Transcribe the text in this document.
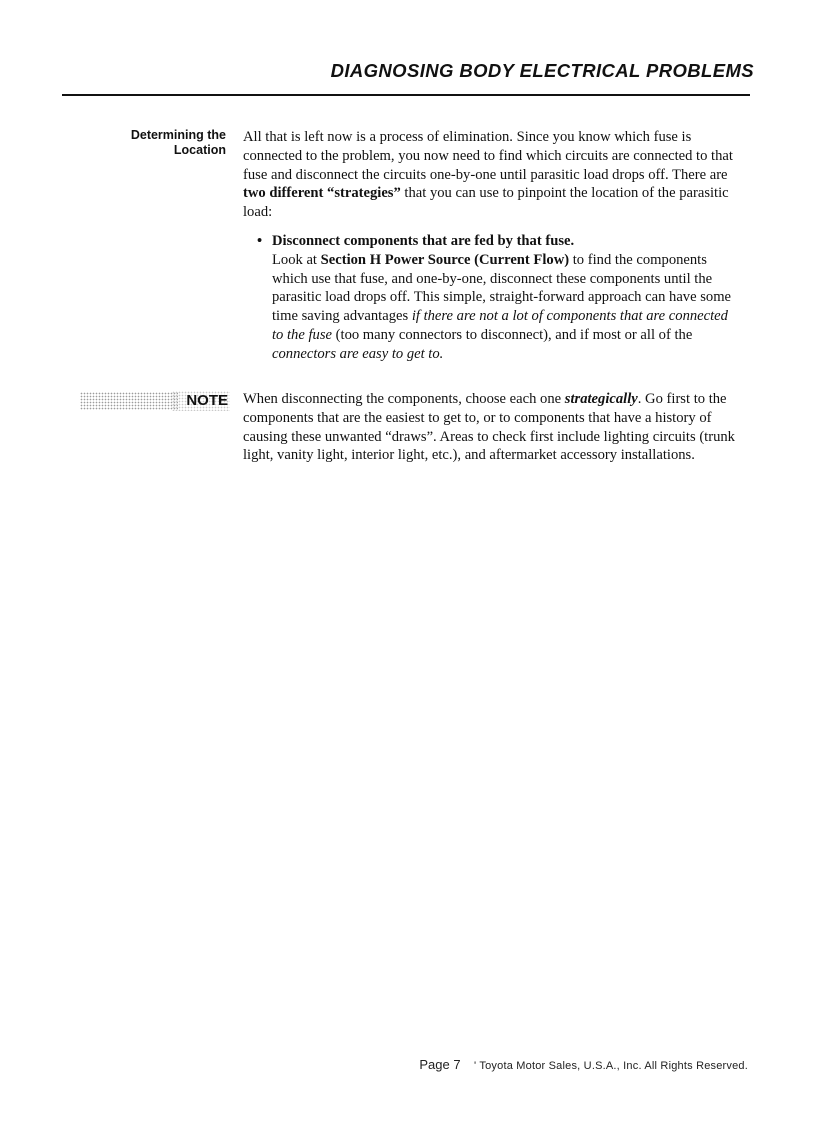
DIAGNOSING BODY ELECTRICAL PROBLEMS
Determining the
Location
All that is left now is a process of elimination. Since you know which fuse is connected to the problem, you now need to find which circuits are connected to that fuse and disconnect the circuits one-by-one until parasitic load drops off. There are two different “strategies” that you can use to pinpoint the location of the parasitic load:
• Disconnect components that are fed by that fuse.
Look at Section H Power Source (Current Flow) to find the components which use that fuse, and one-by-one, disconnect these components until the parasitic load drops off. This simple, straight-forward approach can have some time saving advantages if there are not a lot of components that are connected to the fuse (too many connectors to disconnect), and if most or all of the connectors are easy to get to.
NOTE When disconnecting the components, choose each one strategically. Go first to the components that are the easiest to get to, or to components that have a history of causing these unwanted “draws”. Areas to check first include lighting circuits (trunk light, vanity light, interior light, etc.), and aftermarket accessory installations.
Page 7 ' Toyota Motor Sales, U.S.A., Inc. All Rights Reserved.
